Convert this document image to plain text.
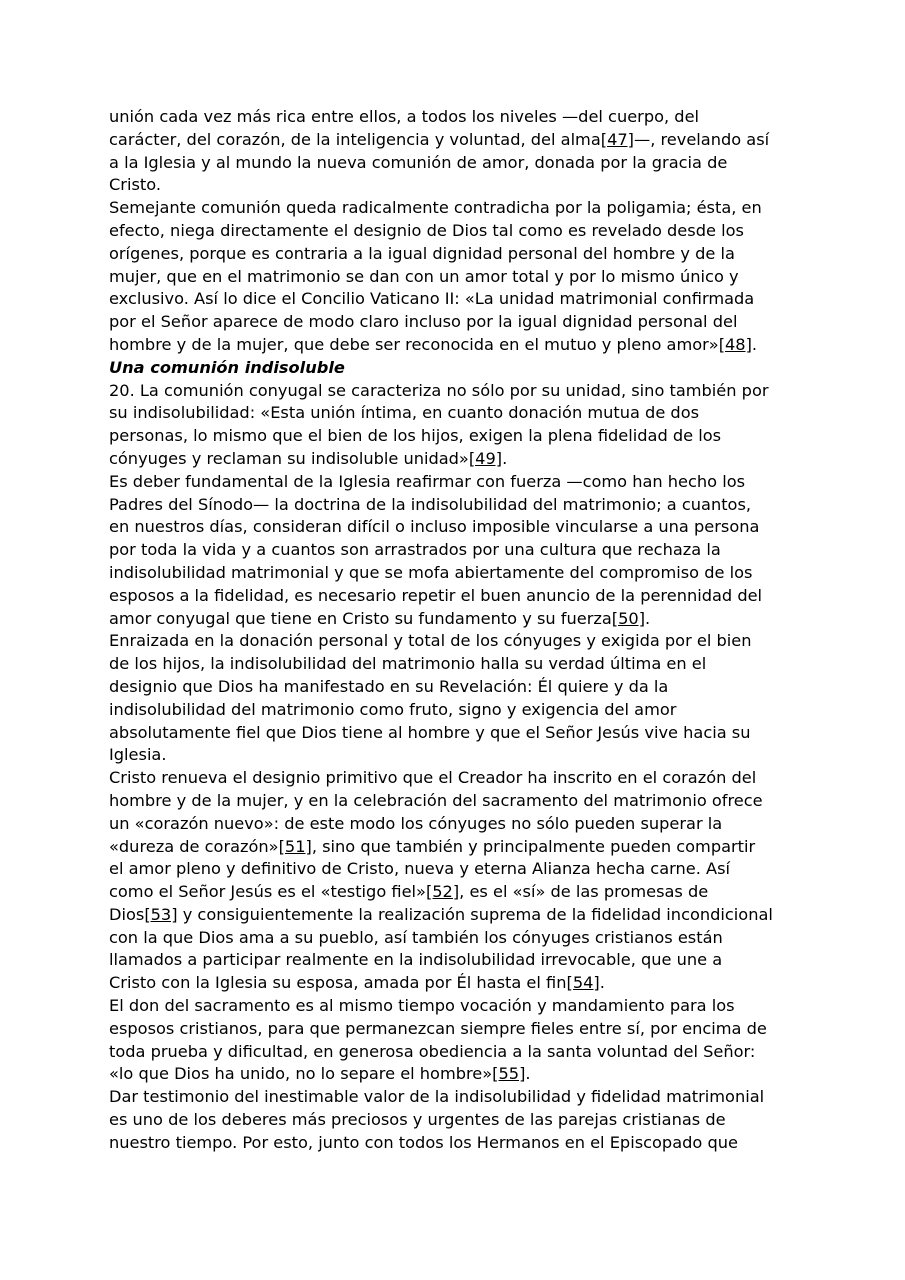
unión cada vez más rica entre ellos, a todos los niveles —del cuerpo, del
carácter, del corazón, de la inteligencia y voluntad, del alma[47]—, revelando así
a la Iglesia y al mundo la nueva comunión de amor, donada por la gracia de
Cristo.
Semejante comunión queda radicalmente contradicha por la poligamia; ésta, en
efecto, niega directamente el designio de Dios tal como es revelado desde los
orígenes, porque es contraria a la igual dignidad personal del hombre y de la
mujer, que en el matrimonio se dan con un amor total y por lo mismo único y
exclusivo. Así lo dice el Concilio Vaticano II: «La unidad matrimonial confirmada
por el Señor aparece de modo claro incluso por la igual dignidad personal del
hombre y de la mujer, que debe ser reconocida en el mutuo y pleno amor»[48].
Una comunión indisoluble
20. La comunión conyugal se caracteriza no sólo por su unidad, sino también por
su indisolubilidad: «Esta unión íntima, en cuanto donación mutua de dos
personas, lo mismo que el bien de los hijos, exigen la plena fidelidad de los
cónyuges y reclaman su indisoluble unidad»[49].
Es deber fundamental de la Iglesia reafirmar con fuerza —como han hecho los
Padres del Sínodo— la doctrina de la indisolubilidad del matrimonio; a cuantos,
en nuestros días, consideran difícil o incluso imposible vincularse a una persona
por toda la vida y a cuantos son arrastrados por una cultura que rechaza la
indisolubilidad matrimonial y que se mofa abiertamente del compromiso de los
esposos a la fidelidad, es necesario repetir el buen anuncio de la perennidad del
amor conyugal que tiene en Cristo su fundamento y su fuerza[50].
Enraizada en la donación personal y total de los cónyuges y exigida por el bien
de los hijos, la indisolubilidad del matrimonio halla su verdad última en el
designio que Dios ha manifestado en su Revelación: Él quiere y da la
indisolubilidad del matrimonio como fruto, signo y exigencia del amor
absolutamente fiel que Dios tiene al hombre y que el Señor Jesús vive hacia su
Iglesia.
Cristo renueva el designio primitivo que el Creador ha inscrito en el corazón del
hombre y de la mujer, y en la celebración del sacramento del matrimonio ofrece
un «corazón nuevo»: de este modo los cónyuges no sólo pueden superar la
«dureza de corazón»[51], sino que también y principalmente pueden compartir
el amor pleno y definitivo de Cristo, nueva y eterna Alianza hecha carne. Así
como el Señor Jesús es el «testigo fiel»[52], es el «sí» de las promesas de
Dios[53] y consiguientemente la realización suprema de la fidelidad incondicional
con la que Dios ama a su pueblo, así también los cónyuges cristianos están
llamados a participar realmente en la indisolubilidad irrevocable, que une a
Cristo con la Iglesia su esposa, amada por Él hasta el fin[54].
El don del sacramento es al mismo tiempo vocación y mandamiento para los
esposos cristianos, para que permanezcan siempre fieles entre sí, por encima de
toda prueba y dificultad, en generosa obediencia a la santa voluntad del Señor:
«lo que Dios ha unido, no lo separe el hombre»[55].
Dar testimonio del inestimable valor de la indisolubilidad y fidelidad matrimonial
es uno de los deberes más preciosos y urgentes de las parejas cristianas de
nuestro tiempo. Por esto, junto con todos los Hermanos en el Episcopado que
